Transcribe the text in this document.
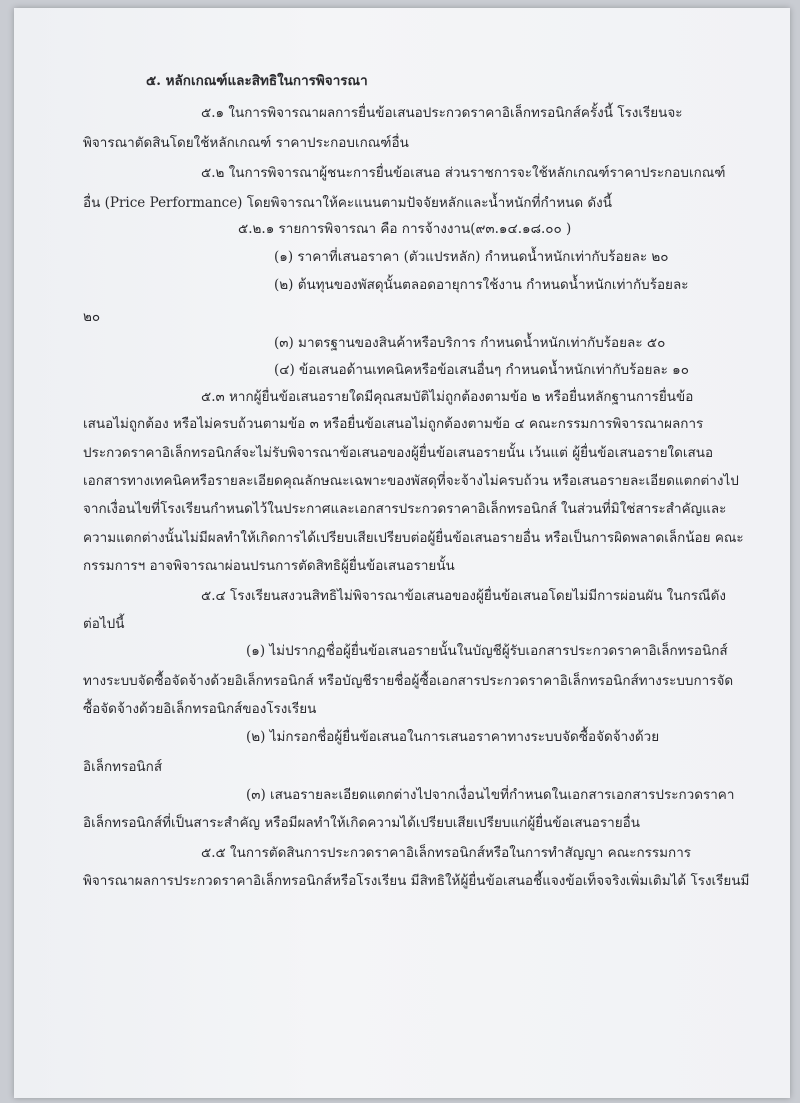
๕. หลักเกณฑ์และสิทธิในการพิจารณา
๕.๑ ในการพิจารณาผลการยื่นข้อเสนอประกวดราคาอิเล็กทรอนิกส์ครั้งนี้ โรงเรียนจะ
พิจารณาตัดสินโดยใช้หลักเกณฑ์ ราคาประกอบเกณฑ์อื่น
๕.๒ ในการพิจารณาผู้ชนะการยื่นข้อเสนอ ส่วนราชการจะใช้หลักเกณฑ์ราคาประกอบเกณฑ์
อื่น (Price Performance) โดยพิจารณาให้คะแนนตามปัจจัยหลักและน้ำหนักที่กำหนด ดังนี้
๕.๒.๑ รายการพิจารณา คือ การจ้างงาน(๙๓.๑๔.๑๘.๐๐ )
(๑) ราคาที่เสนอราคา (ตัวแปรหลัก) กำหนดน้ำหนักเท่ากับร้อยละ ๒๐
(๒) ต้นทุนของพัสดุนั้นตลอดอายุการใช้งาน กำหนดน้ำหนักเท่ากับร้อยละ
๒๐
(๓) มาตรฐานของสินค้าหรือบริการ กำหนดน้ำหนักเท่ากับร้อยละ ๕๐
(๔) ข้อเสนอด้านเทคนิคหรือข้อเสนอื่นๆ กำหนดน้ำหนักเท่ากับร้อยละ ๑๐
๕.๓ หากผู้ยื่นข้อเสนอรายใดมีคุณสมบัติไม่ถูกต้องตามข้อ ๒ หรือยื่นหลักฐานการยื่นข้อ
เสนอไม่ถูกต้อง หรือไม่ครบถ้วนตามข้อ ๓ หรือยื่นข้อเสนอไม่ถูกต้องตามข้อ ๔ คณะกรรมการพิจารณาผลการ
ประกวดราคาอิเล็กทรอนิกส์จะไม่รับพิจารณาข้อเสนอของผู้ยื่นข้อเสนอรายนั้น เว้นแต่ ผู้ยื่นข้อเสนอรายใดเสนอ
เอกสารทางเทคนิคหรือรายละเอียดคุณลักษณะเฉพาะของพัสดุที่จะจ้างไม่ครบถ้วน หรือเสนอรายละเอียดแตกต่างไป
จากเงื่อนไขที่โรงเรียนกำหนดไว้ในประกาศและเอกสารประกวดราคาอิเล็กทรอนิกส์ ในส่วนที่มิใช่สาระสำคัญและ
ความแตกต่างนั้นไม่มีผลทำให้เกิดการได้เปรียบเสียเปรียบต่อผู้ยื่นข้อเสนอรายอื่น หรือเป็นการผิดพลาดเล็กน้อย คณะ
กรรมการฯ อาจพิจารณาผ่อนปรนการตัดสิทธิผู้ยื่นข้อเสนอรายนั้น
๕.๔ โรงเรียนสงวนสิทธิไม่พิจารณาข้อเสนอของผู้ยื่นข้อเสนอโดยไม่มีการผ่อนผัน ในกรณีดัง
ต่อไปนี้
(๑) ไม่ปรากฏชื่อผู้ยื่นข้อเสนอรายนั้นในบัญชีผู้รับเอกสารประกวดราคาอิเล็กทรอนิกส์
ทางระบบจัดซื้อจัดจ้างด้วยอิเล็กทรอนิกส์ หรือบัญชีรายชื่อผู้ซื้อเอกสารประกวดราคาอิเล็กทรอนิกส์ทางระบบการจัด
ซื้อจัดจ้างด้วยอิเล็กทรอนิกส์ของโรงเรียน
(๒) ไม่กรอกชื่อผู้ยื่นข้อเสนอในการเสนอราคาทางระบบจัดซื้อจัดจ้างด้วย
อิเล็กทรอนิกส์
(๓) เสนอรายละเอียดแตกต่างไปจากเงื่อนไขที่กำหนดในเอกสารเอกสารประกวดราคา
อิเล็กทรอนิกส์ที่เป็นสาระสำคัญ หรือมีผลทำให้เกิดความได้เปรียบเสียเปรียบแก่ผู้ยื่นข้อเสนอรายอื่น
๕.๕ ในการตัดสินการประกวดราคาอิเล็กทรอนิกส์หรือในการทำสัญญา คณะกรรมการ
พิจารณาผลการประกวดราคาอิเล็กทรอนิกส์หรือโรงเรียน มีสิทธิให้ผู้ยื่นข้อเสนอชี้แจงข้อเท็จจริงเพิ่มเติมได้ โรงเรียนมี
